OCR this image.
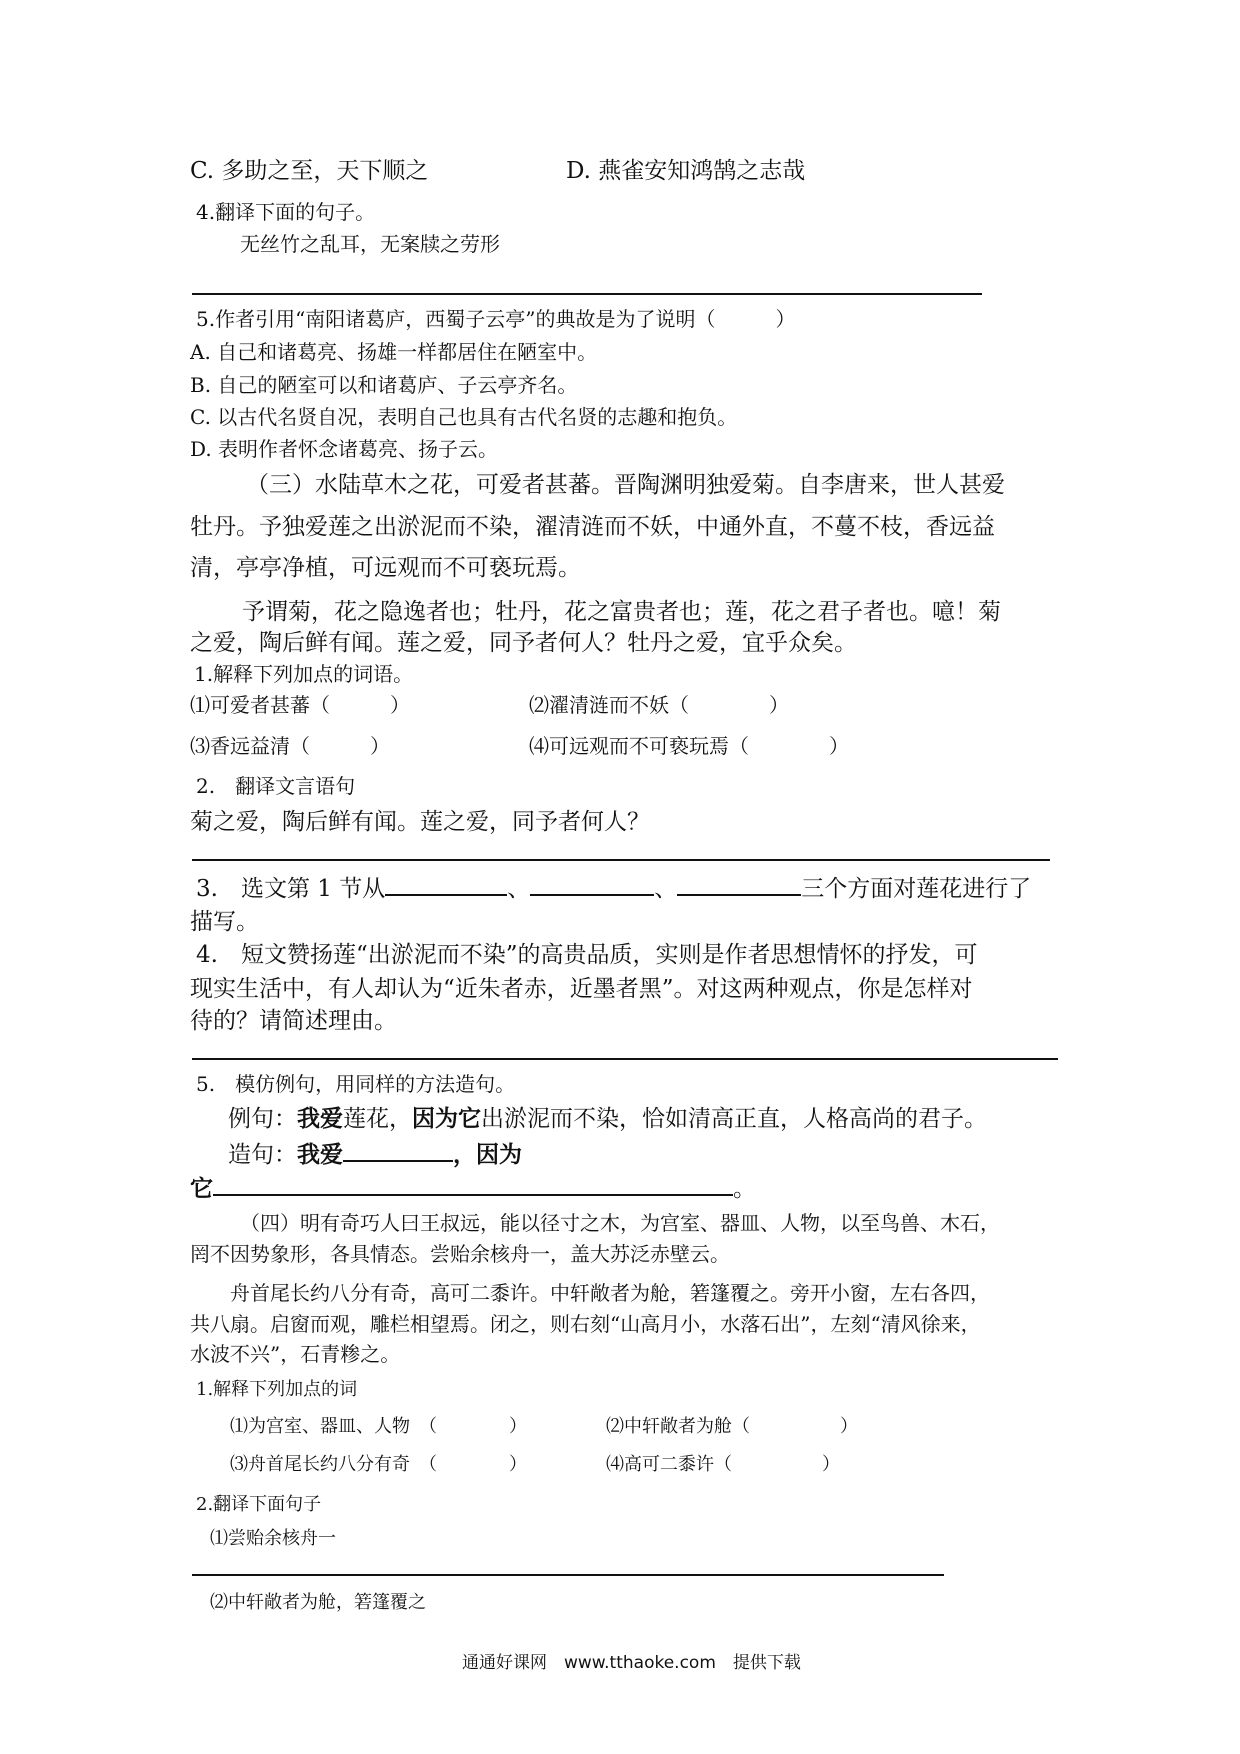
C. 多助之至，天下顺之	D. 燕雀安知鸿鹄之志哉
4.翻译下面的句子。
无丝竹之乱耳，无案牍之劳形
5.作者引用“南阳诸葛庐，西蜀子云亭”的典故是为了说明（　　　）
A. 自己和诸葛亮、扬雄一样都居住在陋室中。
B. 自己的陋室可以和诸葛庐、子云亭齐名。
C. 以古代名贤自况，表明自己也具有古代名贤的志趣和抱负。
D. 表明作者怀念诸葛亮、扬子云。
（三）水陆草木之花，可爱者甚蕃。晋陶渊明独爱菊。自李唐来，世人甚爱
牡丹。予独爱莲之出淤泥而不染，濯清涟而不妖，中通外直，不蔓不枝，香远益
清，亭亭净植，可远观而不可亵玩焉。
予谓菊，花之隐逸者也；牡丹，花之富贵者也；莲，花之君子者也。噫！菊
之爱，陶后鲜有闻。莲之爱，同予者何人？牡丹之爱，宜乎众矣。
1.解释下列加点的词语。
⑴可爱者甚蕃（　　　）	⑵濯清涟而不妖（　　　　）
⑶香远益清（　　　）	⑷可远观而不可亵玩焉（　　　　）
2.　翻译文言语句
菊之爱，陶后鲜有闻。莲之爱，同予者何人？
3.　选文第 1 节从	、	、	三个方面对莲花进行了
描写。
4.　短文赞扬莲“出淤泥而不染”的高贵品质，实则是作者思想情怀的抒发，可
现实生活中，有人却认为“近朱者赤，近墨者黑”。对这两种观点，你是怎样对
待的？请简述理由。
5.　模仿例句，用同样的方法造句。
例句：我爱莲花，因为它出淤泥而不染，恰如清高正直，人格高尚的君子。
造句：我爱	，因为
它	。
（四）明有奇巧人曰王叔远，能以径寸之木，为宫室、器皿、人物，以至鸟兽、木石，
罔不因势象形，各具情态。尝贻余核舟一，盖大苏泛赤壁云。
舟首尾长约八分有奇，高可二黍许。中轩敞者为舱，箬篷覆之。旁开小窗，左右各四，
共八扇。启窗而观，雕栏相望焉。闭之，则右刻“山高月小，水落石出”，左刻“清风徐来，
水波不兴”，石青糁之。
1.解释下列加点的词
⑴为宫室、器皿、人物　（　　　　）	⑵中轩敞者为舱（　　　　　）
⑶舟首尾长约八分有奇　（　　　　）	⑷高可二黍许（　　　　　）
2.翻译下面句子
⑴尝贻余核舟一
⑵中轩敞者为舱，箬篷覆之
通通好课网　www.tthaoke.com　提供下载
